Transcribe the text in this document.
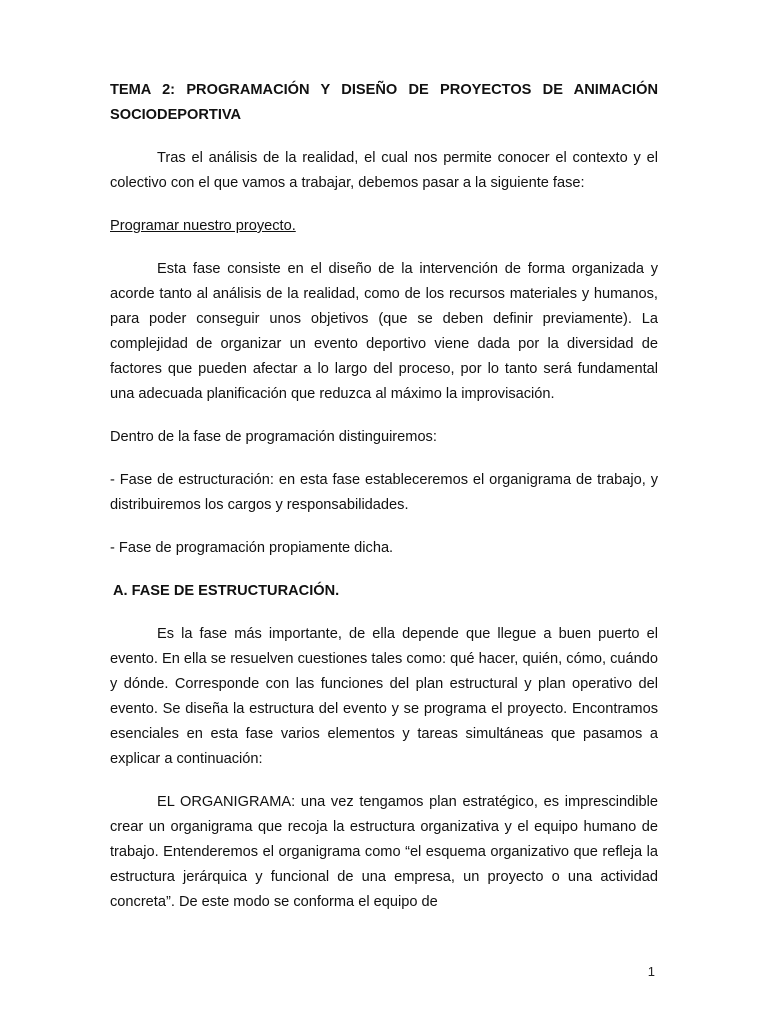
TEMA 2: PROGRAMACIÓN Y DISEÑO DE PROYECTOS DE ANIMACIÓN SOCIODEPORTIVA

Tras el análisis de la realidad, el cual nos permite conocer el contexto y el colectivo con el que vamos a trabajar, debemos pasar a la siguiente fase:

Programar nuestro proyecto.

Esta fase consiste en el diseño de la intervención de forma organizada y acorde tanto al análisis de la realidad, como de los recursos materiales y humanos, para poder conseguir unos objetivos (que se deben definir previamente). La complejidad de organizar un evento deportivo viene dada por la diversidad de factores que pueden afectar a lo largo del proceso, por lo tanto será fundamental una adecuada planificación que reduzca al máximo la improvisación.

Dentro de la fase de programación distinguiremos:

- Fase de estructuración: en esta fase estableceremos el organigrama de trabajo, y distribuiremos los cargos y responsabilidades.

- Fase de programación propiamente dicha.

A. FASE DE ESTRUCTURACIÓN.

Es la fase más importante, de ella depende que llegue a buen puerto el evento. En ella se resuelven cuestiones tales como: qué hacer, quién, cómo, cuándo y dónde. Corresponde con las funciones del plan estructural y plan operativo del evento. Se diseña la estructura del evento y se programa el proyecto. Encontramos esenciales en esta fase varios elementos y tareas simultáneas que pasamos a explicar a continuación:

EL ORGANIGRAMA: una vez tengamos plan estratégico, es imprescindible crear un organigrama que recoja la estructura organizativa y el equipo humano de trabajo. Entenderemos el organigrama como “el esquema organizativo que refleja la estructura jerárquica y funcional de una empresa, un proyecto o una actividad concreta”. De este modo se conforma el equipo de

1
